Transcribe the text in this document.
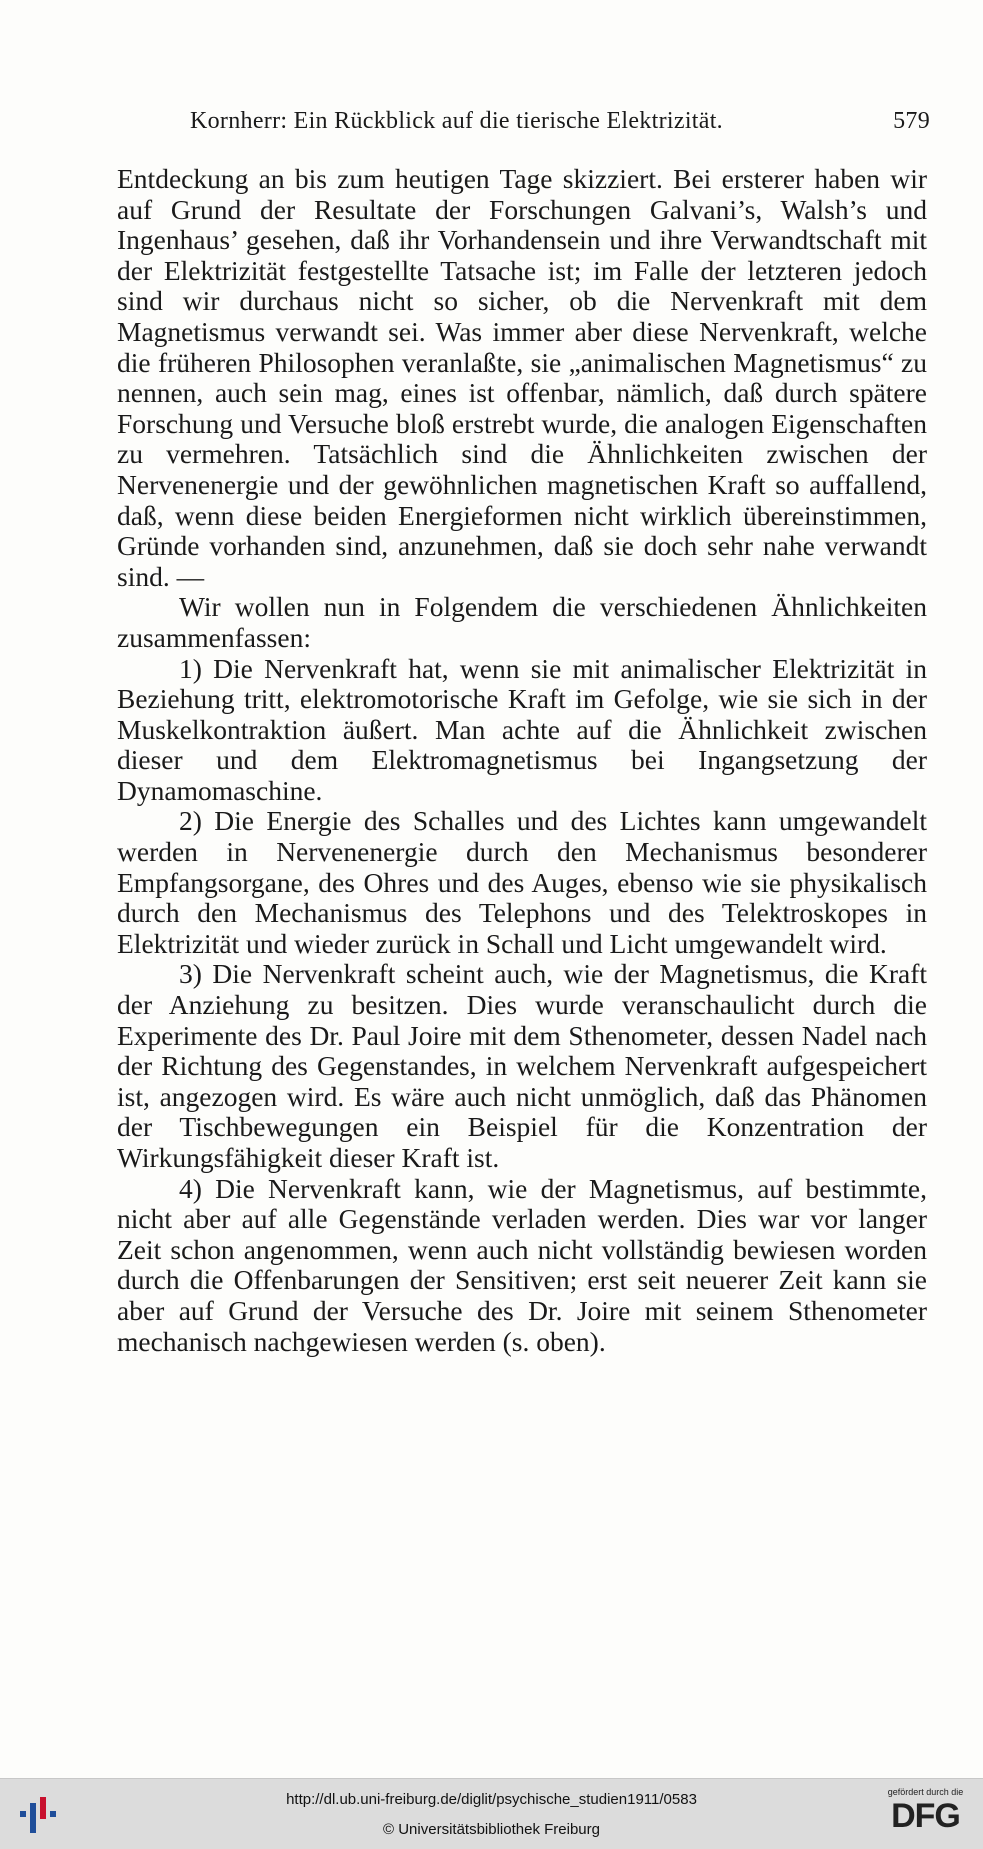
Kornherr: Ein Rückblick auf die tierische Elektrizität.	579

Entdeckung an bis zum heutigen Tage skizziert. Bei ersterer haben wir auf Grund der Resultate der Forschungen Galvani’s, Walsh’s und Ingenhaus’ gesehen, daß ihr Vorhandensein und ihre Verwandtschaft mit der Elektrizität festgestellte Tatsache ist; im Falle der letzteren jedoch sind wir durchaus nicht so sicher, ob die Nervenkraft mit dem Magnetismus verwandt sei. Was immer aber diese Nervenkraft, welche die früheren Philosophen veranlaßte, sie „animalischen Magnetismus“ zu nennen, auch sein mag, eines ist offenbar, nämlich, daß durch spätere Forschung und Versuche bloß erstrebt wurde, die analogen Eigenschaften zu vermehren. Tatsächlich sind die Ähnlichkeiten zwischen der Nervenenergie und der gewöhnlichen magnetischen Kraft so auffallend, daß, wenn diese beiden Energieformen nicht wirklich übereinstimmen, Gründe vorhanden sind, anzunehmen, daß sie doch sehr nahe verwandt sind. —

Wir wollen nun in Folgendem die verschiedenen Ähnlichkeiten zusammenfassen:

1) Die Nervenkraft hat, wenn sie mit animalischer Elektrizität in Beziehung tritt, elektromotorische Kraft im Gefolge, wie sie sich in der Muskelkontraktion äußert. Man achte auf die Ähnlichkeit zwischen dieser und dem Elektromagnetismus bei Ingangsetzung der Dynamomaschine.

2) Die Energie des Schalles und des Lichtes kann umgewandelt werden in Nervenenergie durch den Mechanismus besonderer Empfangsorgane, des Ohres und des Auges, ebenso wie sie physikalisch durch den Mechanismus des Telephons und des Telektroskopes in Elektrizität und wieder zurück in Schall und Licht umgewandelt wird.

3) Die Nervenkraft scheint auch, wie der Magnetismus, die Kraft der Anziehung zu besitzen. Dies wurde veranschaulicht durch die Experimente des Dr. Paul Joire mit dem Sthenometer, dessen Nadel nach der Richtung des Gegenstandes, in welchem Nervenkraft aufgespeichert ist, angezogen wird. Es wäre auch nicht unmöglich, daß das Phänomen der Tischbewegungen ein Beispiel für die Konzentration der Wirkungsfähigkeit dieser Kraft ist.

4) Die Nervenkraft kann, wie der Magnetismus, auf bestimmte, nicht aber auf alle Gegenstände verladen werden. Dies war vor langer Zeit schon angenommen, wenn auch nicht vollständig bewiesen worden durch die Offenbarungen der Sensitiven; erst seit neuerer Zeit kann sie aber auf Grund der Versuche des Dr. Joire mit seinem Sthenometer mechanisch nachgewiesen werden (s. oben).

http://dl.ub.uni-freiburg.de/diglit/psychische_studien1911/0583
© Universitätsbibliothek Freiburg
gefördert durch die
DFG
